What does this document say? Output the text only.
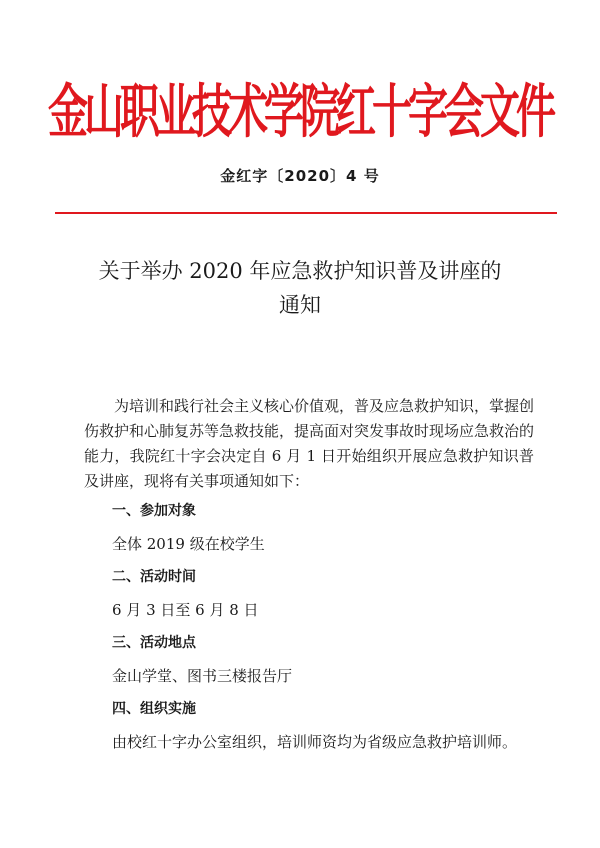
金山职业技术学院红十字会文件
金红字〔2020〕4 号
关于举办 2020 年应急救护知识普及讲座的
通知
为培训和践行社会主义核心价值观，普及应急救护知识，掌握创伤救护和心肺复苏等急救技能，提高面对突发事故时现场应急救治的能力，我院红十字会决定自 6 月 1 日开始组织开展应急救护知识普及讲座，现将有关事项通知如下：
一、参加对象
全体 2019 级在校学生
二、活动时间
6 月 3 日至 6 月 8 日
三、活动地点
金山学堂、图书三楼报告厅
四、组织实施
由校红十字办公室组织，培训师资均为省级应急救护培训师。
